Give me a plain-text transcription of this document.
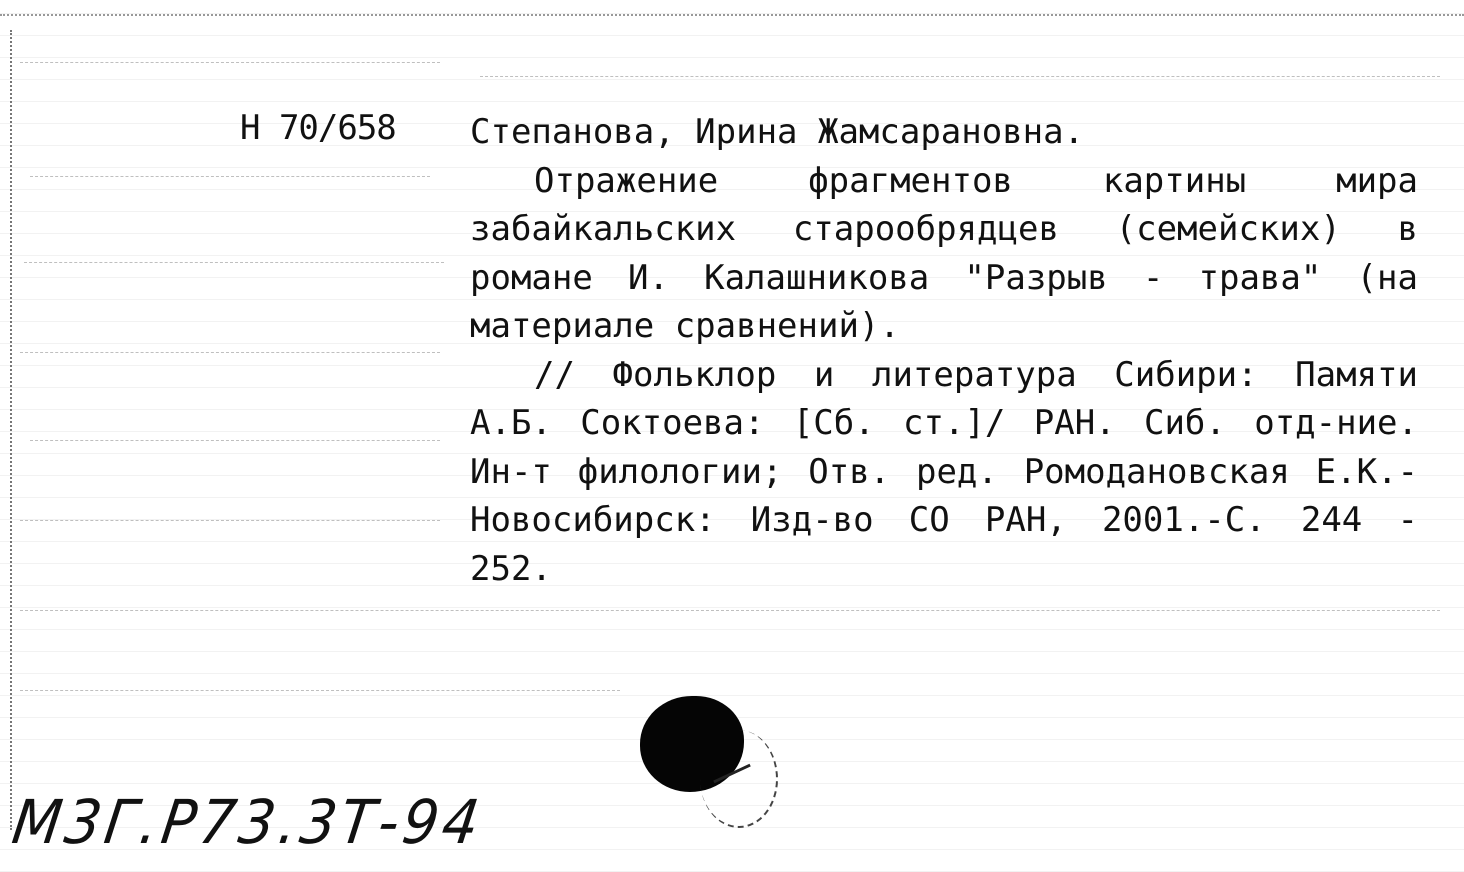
Н 70/658 Степанова, Ирина Жамсарановна.
Отражение	фрагментов	картины	мира
забайкальских старообрядцев (семейских) в
романе И. Калашникова "Разрыв - трава" (на
материале сравнений).
// Фольклор и литература Сибири: Памяти
А.Б. Соктоева: [Сб. ст.]/ РАН. Сиб. отд-ние.
Ин-т филологии; Отв. ред. Ромодановская Е.К.-
Новосибирск: Изд-во СО РАН, 2001.-С. 244 -
252.
М3Г.Р73.3Т-94
